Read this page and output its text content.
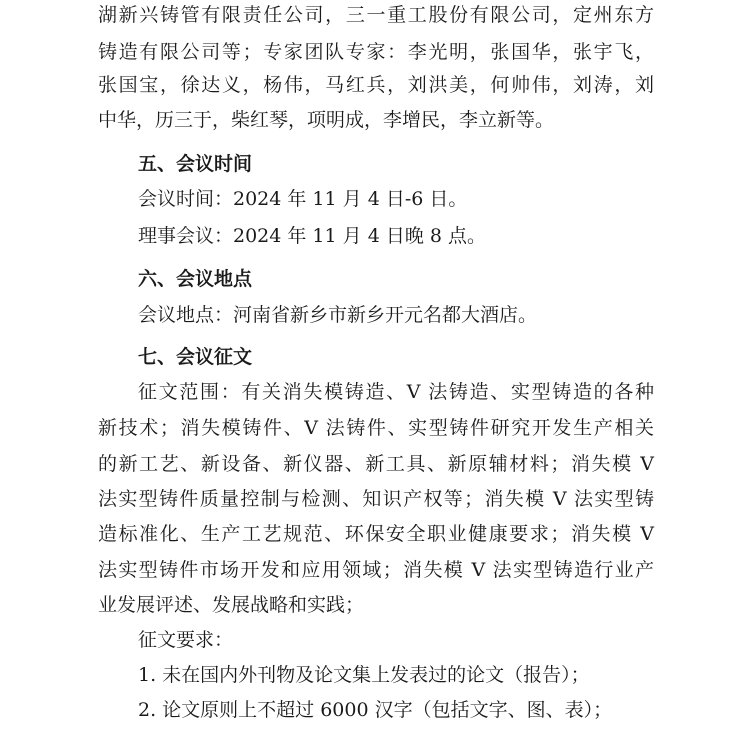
湖新兴铸管有限责任公司，三一重工股份有限公司，定州东方
铸造有限公司等；专家团队专家：李光明，张国华，张宇飞，
张国宝，徐达义，杨伟，马红兵，刘洪美，何帅伟，刘涛，刘
中华，历三于，柴红琴，项明成，李增民，李立新等。
五、会议时间
会议时间：2024 年 11 月 4 日-6 日。
理事会议：2024 年 11 月 4 日晚 8 点。
六、会议地点
会议地点：河南省新乡市新乡开元名都大酒店。
七、会议征文
征文范围：有关消失模铸造、V 法铸造、实型铸造的各种
新技术；消失模铸件、V 法铸件、实型铸件研究开发生产相关
的新工艺、新设备、新仪器、新工具、新原辅材料；消失模 V
法实型铸件质量控制与检测、知识产权等；消失模 V 法实型铸
造标准化、生产工艺规范、环保安全职业健康要求；消失模 V
法实型铸件市场开发和应用领域；消失模 V 法实型铸造行业产
业发展评述、发展战略和实践；
征文要求：
1. 未在国内外刊物及论文集上发表过的论文（报告）；
2. 论文原则上不超过 6000 汉字（包括文字、图、表）；
